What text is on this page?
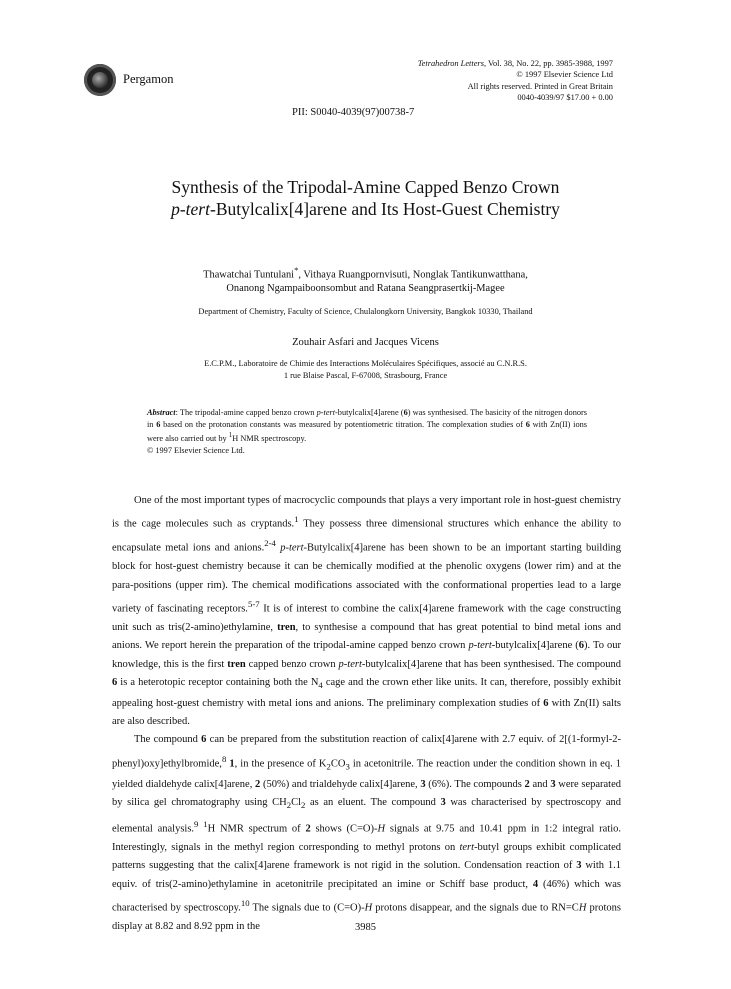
Pergamon
Tetrahedron Letters, Vol. 38, No. 22, pp. 3985-3988, 1997
© 1997 Elsevier Science Ltd
All rights reserved. Printed in Great Britain
0040-4039/97 $17.00 + 0.00
PII: S0040-4039(97)00738-7
Synthesis of the Tripodal-Amine Capped Benzo Crown
p-tert-Butylcalix[4]arene and Its Host-Guest Chemistry
Thawatchai Tuntulani*, Vithaya Ruangpornvisuti, Nonglak Tantikunwatthana,
Onanong Ngampaiboonsombut and Ratana Seangprasertkij-Magee
Department of Chemistry, Faculty of Science, Chulalongkorn University, Bangkok 10330, Thailand
Zouhair Asfari and Jacques Vicens
E.C.P.M., Laboratoire de Chimie des Interactions Moléculaires Spécifiques, associé au C.N.R.S.
1 rue Blaise Pascal, F-67008, Strasbourg, France
Abstract: The tripodal-amine capped benzo crown p-tert-butylcalix[4]arene (6) was synthesised. The basicity of the nitrogen donors in 6 based on the protonation constants was measured by potentiometric titration. The complexation studies of 6 with Zn(II) ions were also carried out by $^1$H NMR spectroscopy.
© 1997 Elsevier Science Ltd.

One of the most important types of macrocyclic compounds that plays a very important role in host-guest chemistry is the cage molecules such as cryptands.$^1$ They possess three dimensional structures which enhance the ability to encapsulate metal ions and anions.$^{2-4}$ p-tert-Butylcalix[4]arene has been shown to be an important starting building block for host-guest chemistry because it can be chemically modified at the phenolic oxygens (lower rim) and at the para-positions (upper rim). The chemical modifications associated with the conformational properties lead to a large variety of fascinating receptors.$^{5-7}$ It is of interest to combine the calix[4]arene framework with the cage constructing unit such as tris(2-amino)ethylamine, tren, to synthesise a compound that has great potential to bind metal ions and anions. We report herein the preparation of the tripodal-amine capped benzo crown p-tert-butylcalix[4]arene (6). To our knowledge, this is the first tren capped benzo crown p-tert-butylcalix[4]arene that has been synthesised. The compound 6 is a heterotopic receptor containing both the $N_4$ cage and the crown ether like units. It can, therefore, possibly exhibit appealing host-guest chemistry with metal ions and anions. The preliminary complexation studies of 6 with Zn(II) salts are also described.

The compound 6 can be prepared from the substitution reaction of calix[4]arene with 2.7 equiv. of 2[(1-formyl-2-phenyl)oxy]ethylbromide,$^8$ 1, in the presence of $K_2CO_3$ in acetonitrile. The reaction under the condition shown in eq. 1 yielded dialdehyde calix[4]arene, 2 (50%) and trialdehyde calix[4]arene, 3 (6%). The compounds 2 and 3 were separated by silica gel chromatography using $CH_2Cl_2$ as an eluent. The compound 3 was characterised by spectroscopy and elemental analysis.$^9$ $^1$H NMR spectrum of 2 shows (C=O)-H signals at 9.75 and 10.41 ppm in 1:2 integral ratio. Interestingly, signals in the methyl region corresponding to methyl protons on tert-butyl groups exhibit complicated patterns suggesting that the calix[4]arene framework is not rigid in the solution. Condensation reaction of 3 with 1.1 equiv. of tris(2-amino)ethylamine in acetonitrile precipitated an imine or Schiff base product, 4 (46%) which was characterised by spectroscopy.$^{10}$ The signals due to (C=O)-H protons disappear, and the signals due to RN=CH protons display at 8.82 and 8.92 ppm in the	3985
